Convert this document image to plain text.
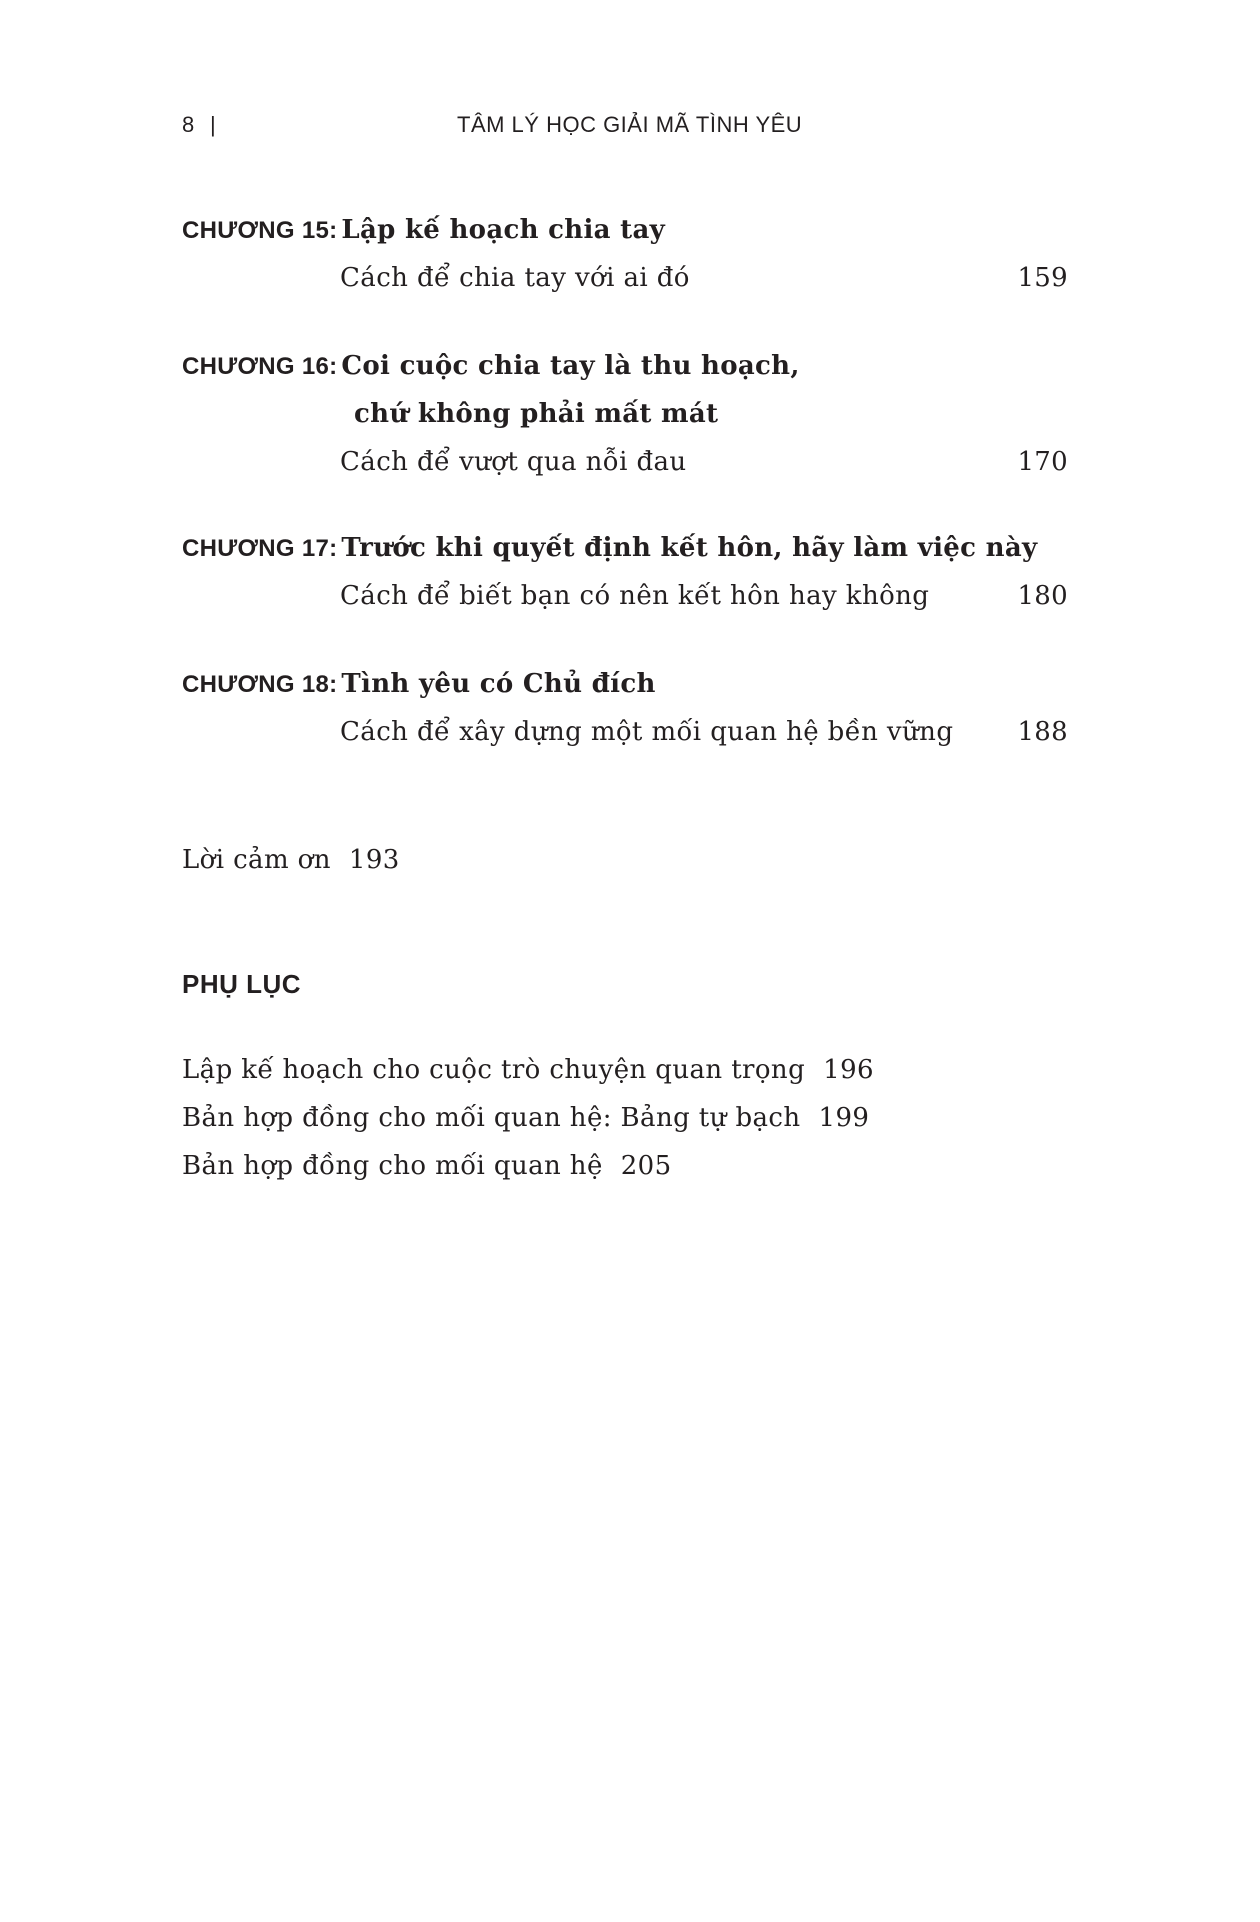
8 |	TÂM LÝ HỌC GIẢI MÃ TÌNH YÊU
CHƯƠNG 15: Lập kế hoạch chia tay
Cách để chia tay với ai đó	159
CHƯƠNG 16: Coi cuộc chia tay là thu hoạch,
chứ không phải mất mát
Cách để vượt qua nỗi đau	170
CHƯƠNG 17: Trước khi quyết định kết hôn, hãy làm việc này
Cách để biết bạn có nên kết hôn hay không	180
CHƯƠNG 18: Tình yêu có Chủ đích
Cách để xây dựng một mối quan hệ bền vững 188
Lời cảm ơn 193
PHỤ LỤC
Lập kế hoạch cho cuộc trò chuyện quan trọng 196
Bản hợp đồng cho mối quan hệ: Bảng tự bạch 199
Bản hợp đồng cho mối quan hệ 205
